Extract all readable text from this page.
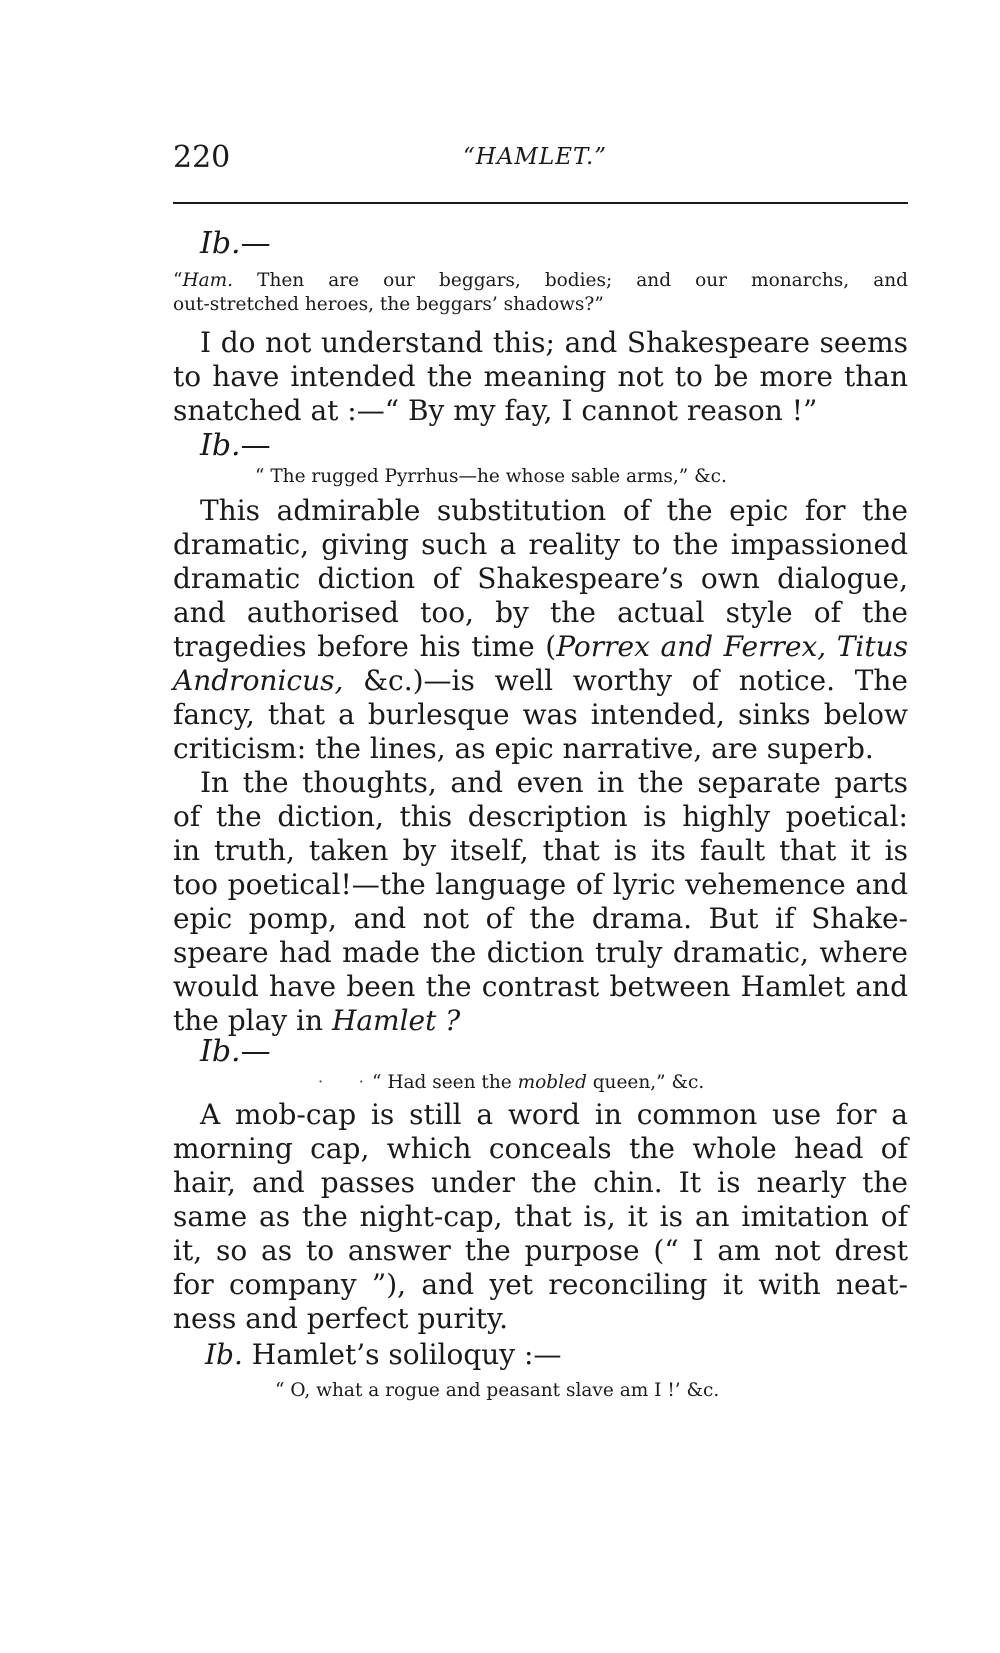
220	“HAMLET.”
Ib.—
“Ham. Then are our beggars, bodies; and our monarchs, and
out-stretched heroes, the beggars’ shadows?”
I do not understand this; and Shakespeare seems
to have intended the meaning not to be more than
snatched at :—“ By my fay, I cannot reason !”
Ib.—
“ The rugged Pyrrhus—he whose sable arms,” &c.
This admirable substitution of the epic for the
dramatic, giving such a reality to the impassioned
dramatic diction of Shakespeare’s own dialogue,
and authorised too, by the actual style of the
tragedies before his time (Porrex and Ferrex, Titus
Andronicus, &c.)—is well worthy of notice. The
fancy, that a burlesque was intended, sinks below
criticism: the lines, as epic narrative, are superb.
In the thoughts, and even in the separate parts
of the diction, this description is highly poetical:
in truth, taken by itself, that is its fault that it is
too poetical!—the language of lyric vehemence and
epic pomp, and not of the drama. But if Shake-
speare had made the diction truly dramatic, where
would have been the contrast between Hamlet and
the play in Hamlet ?
Ib.—
·       · “ Had seen the mobled queen,” &c.
A mob-cap is still a word in common use for a
morning cap, which conceals the whole head of
hair, and passes under the chin. It is nearly the
same as the night-cap, that is, it is an imitation of
it, so as to answer the purpose (“ I am not drest
for company ”), and yet reconciling it with neat-
ness and perfect purity.
Ib. Hamlet’s soliloquy :—
“ O, what a rogue and peasant slave am I !’ &c.
